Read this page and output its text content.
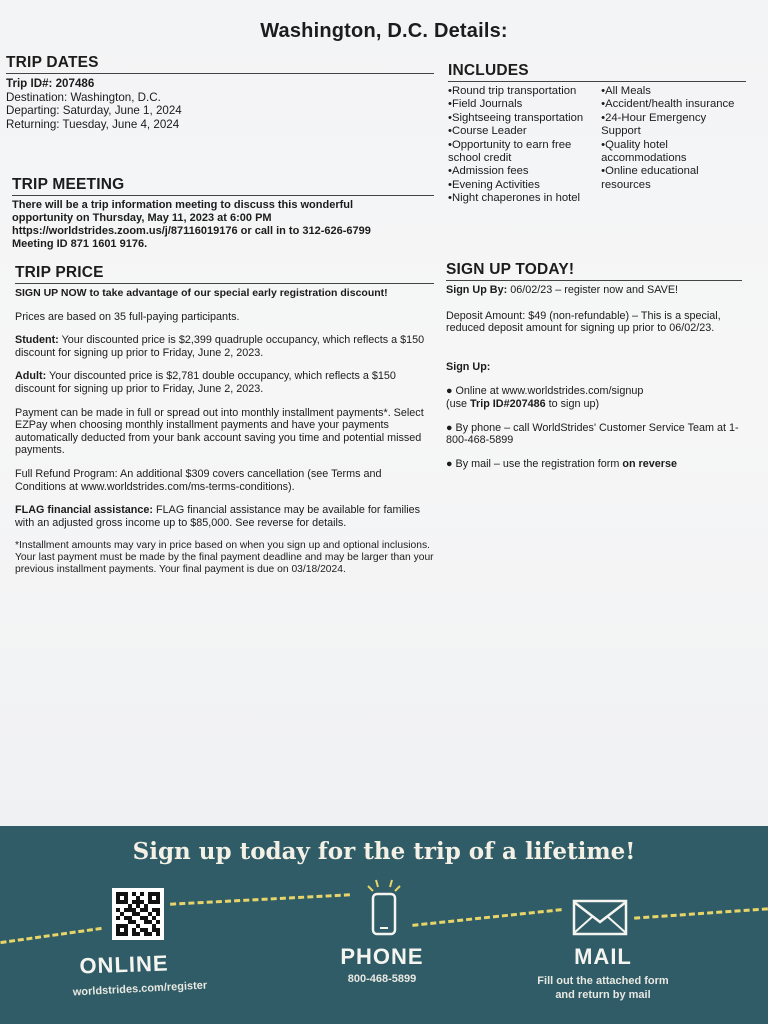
Washington, D.C. Details:
TRIP DATES
Trip ID#: 207486
Destination: Washington, D.C.
Departing: Saturday, June 1, 2024
Returning: Tuesday, June 4, 2024
TRIP MEETING
There will be a trip information meeting to discuss this wonderful
opportunity on Thursday, May 11, 2023 at 6:00 PM
https://worldstrides.zoom.us/j/87116019176 or call in to 312-626-6799
Meeting ID 871 1601 9176.
TRIP PRICE
SIGN UP NOW to take advantage of our special early registration discount!
Prices are based on 35 full-paying participants.
Student: Your discounted price is $2,399 quadruple occupancy, which reflects a $150 discount for signing up prior to Friday, June 2, 2023.
Adult: Your discounted price is $2,781 double occupancy, which reflects a $150 discount for signing up prior to Friday, June 2, 2023.
Payment can be made in full or spread out into monthly installment payments*. Select EZPay when choosing monthly installment payments and have your payments automatically deducted from your bank account saving you time and potential missed payments.
Full Refund Program: An additional $309 covers cancellation (see Terms and Conditions at www.worldstrides.com/ms-terms-conditions).
FLAG financial assistance: FLAG financial assistance may be available for families with an adjusted gross income up to $85,000. See reverse for details.
*Installment amounts may vary in price based on when you sign up and optional inclusions. Your last payment must be made by the final payment deadline and may be larger than your previous installment payments. Your final payment is due on 03/18/2024.
INCLUDES
•Round trip transportation
•Field Journals
•Sightseeing transportation
•Course Leader
•Opportunity to earn free school credit
•Admission fees
•Evening Activities
•Night chaperones in hotel
•All Meals
•Accident/health insurance
•24-Hour Emergency Support
•Quality hotel accommodations
•Online educational resources
SIGN UP TODAY!
Sign Up By: 06/02/23 – register now and SAVE!
Deposit Amount: $49 (non-refundable) – This is a special, reduced deposit amount for signing up prior to 06/02/23.
Sign Up:
● Online at www.worldstrides.com/signup
(use Trip ID#207486 to sign up)
● By phone – call WorldStrides' Customer Service Team at 1-800-468-5899
● By mail – use the registration form on reverse
Sign up today for the trip of a lifetime!
ONLINE
worldstrides.com/register
PHONE
800-468-5899
MAIL
Fill out the attached form
and return by mail
